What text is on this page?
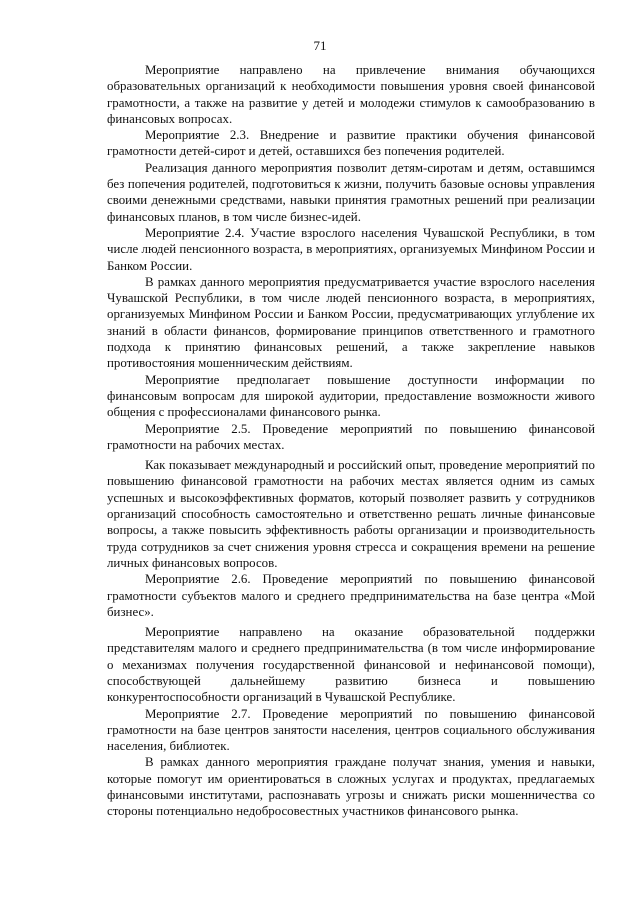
71

Мероприятие направлено на привлечение внимания обучающихся образовательных организаций к необходимости повышения уровня своей финансовой грамотности, а также на развитие у детей и молодежи стимулов к самообразованию в финансовых вопросах.

Мероприятие 2.3. Внедрение и развитие практики обучения финансовой грамотности детей-сирот и детей, оставшихся без попечения родителей.

Реализация данного мероприятия позволит детям-сиротам и детям, оставшимся без попечения родителей, подготовиться к жизни, получить базовые основы управления своими денежными средствами, навыки принятия грамотных решений при реализации финансовых планов, в том числе бизнес-идей.

Мероприятие 2.4. Участие взрослого населения Чувашской Республики, в том числе людей пенсионного возраста, в мероприятиях, организуемых Минфином России и Банком России.

В рамках данного мероприятия предусматривается участие взрослого населения Чувашской Республики, в том числе людей пенсионного возраста, в мероприятиях, организуемых Минфином России и Банком России, предусматривающих углубление их знаний в области финансов, формирование принципов ответственного и грамотного подхода к принятию финансовых решений, а также закрепление навыков противостояния мошенническим действиям.

Мероприятие предполагает повышение доступности информации по финансовым вопросам для широкой аудитории, предоставление возможности живого общения с профессионалами финансового рынка.

Мероприятие 2.5. Проведение мероприятий по повышению финансовой грамотности на рабочих местах.

Как показывает международный и российский опыт, проведение мероприятий по повышению финансовой грамотности на рабочих местах является одним из самых успешных и высокоэффективных форматов, который позволяет развить у сотрудников организаций способность самостоятельно и ответственно решать личные финансовые вопросы, а также повысить эффективность работы организации и производительность труда сотрудников за счет снижения уровня стресса и сокращения времени на решение личных финансовых вопросов.

Мероприятие 2.6. Проведение мероприятий по повышению финансовой грамотности субъектов малого и среднего предпринимательства на базе центра «Мой бизнес».

Мероприятие направлено на оказание образовательной поддержки представителям малого и среднего предпринимательства (в том числе информирование о механизмах получения государственной финансовой и нефинансовой помощи), способствующей дальнейшему развитию бизнеса и повышению конкурентоспособности организаций в Чувашской Республике.

Мероприятие 2.7. Проведение мероприятий по повышению финансовой грамотности на базе центров занятости населения, центров социального обслуживания населения, библиотек.

В рамках данного мероприятия граждане получат знания, умения и навыки, которые помогут им ориентироваться в сложных услугах и продуктах, предлагаемых финансовыми институтами, распознавать угрозы и снижать риски мошенничества со стороны потенциально недобросовестных участников финансового рынка.
